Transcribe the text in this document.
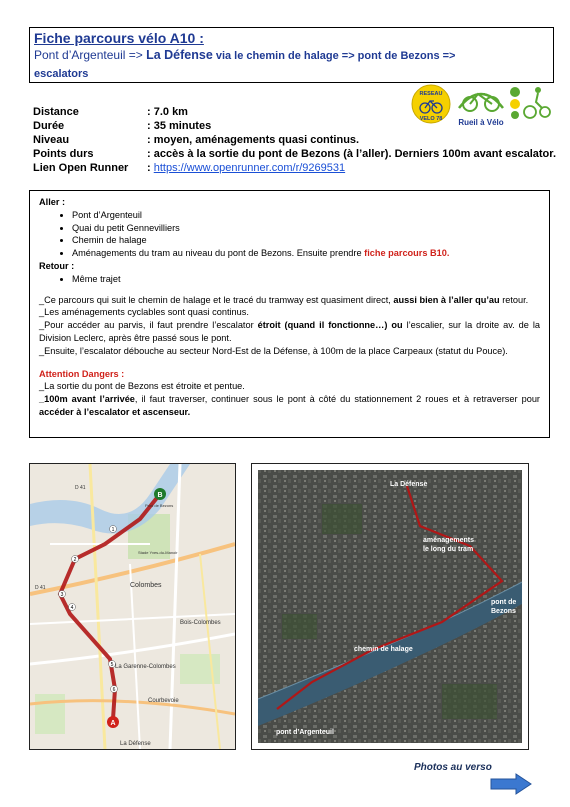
Fiche parcours vélo A10 :
Pont d’Argenteuil => La Défense via le chemin de halage => pont de Bezons =>
escalators
RESEAU
VELO 78	Rueil à Vélo
Distance	: 7.0 km
Durée	: 35 minutes
Niveau	: moyen, aménagements quasi continus.
Points durs	: accès à la sortie du pont de Bezons (à l’aller). Derniers 100m avant escalator.
Lien Open Runner : https://www.openrunner.com/r/9269531
Aller :
• Pont d’Argenteuil
• Quai du petit Gennevilliers
• Chemin de halage
• Aménagements du tram au niveau du pont de Bezons. Ensuite prendre fiche parcours B10.
Retour :
• Même trajet

_Ce parcours qui suit le chemin de halage et le tracé du tramway est quasiment direct, aussi bien à l’aller qu’au retour.

_Les aménagements cyclables sont quasi continus.

_Pour accéder au parvis, il faut prendre l’escalator étroit (quand il fonctionne…) ou l’escalier, sur la droite av. de la Division Leclerc, après être passé sous le pont.

_Ensuite, l’escalator débouche au secteur Nord-Est de la Défense, à 100m de la place Carpeaux (statut du Pouce).

Attention Dangers :

_La sortie du pont de Bezons est étroite et pentue.

_100m avant l’arrivée, il faut traverser, continuer sous le pont à côté du stationnement 2 roues et à retraverser pour accéder à l’escalator et ascenseur.

B
A
1
2
3
4
5
6
D 41
D 41
Pont de Bezons
Colombes
Bois-Colombes
La Garenne-Colombes
Courbevoie
La Défense
Stade Yves-du-Manoir
La Défense
aménagements
le long du tram
pont de
Bezons
chemin de halage
pont d’Argenteuil
Photos au verso
